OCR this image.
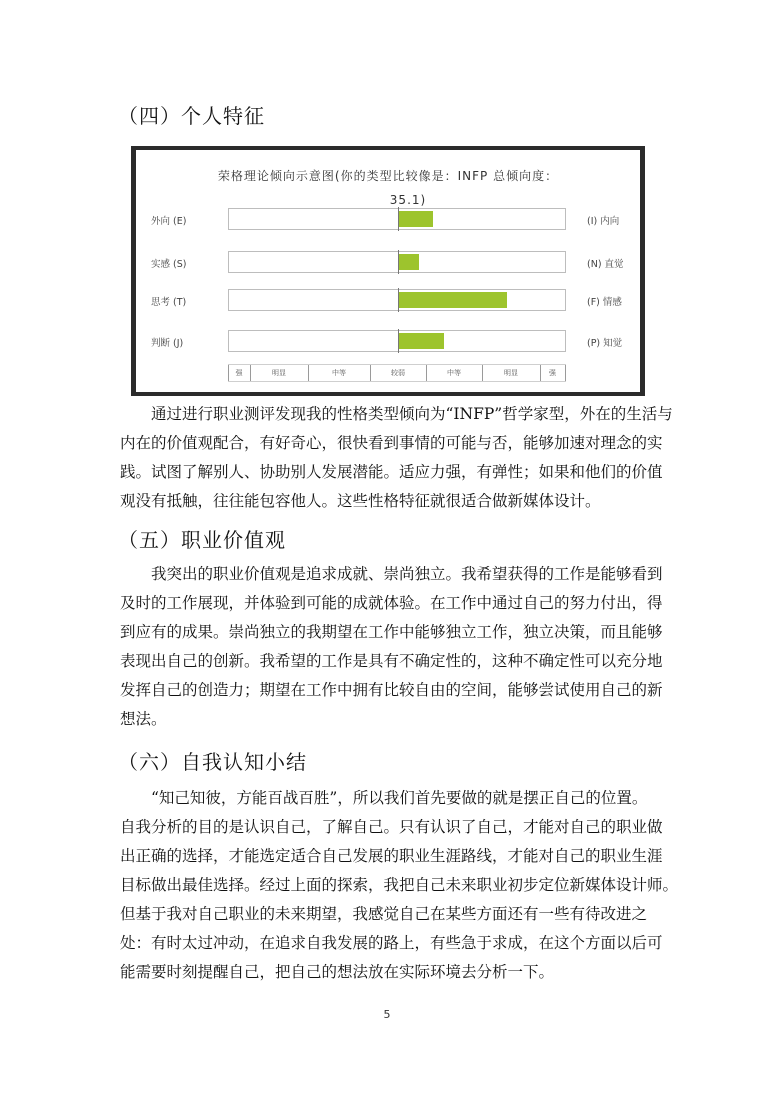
（四）个人特征
荣格理论倾向示意图(你的类型比较像是：INFP 总倾向度：
35.1)
外向 (E)	(I) 内向
实感 (S)	(N) 直觉
思考 (T)	(F) 情感
判断 (J)	(P) 知觉
强	明显	中等	较弱	中等	明显	强
通过进行职业测评发现我的性格类型倾向为“INFP”哲学家型，外在的生活与
内在的价值观配合，有好奇心，很快看到事情的可能与否，能够加速对理念的实
践。试图了解别人、协助别人发展潜能。适应力强，有弹性；如果和他们的价值
观没有抵触，往往能包容他人。这些性格特征就很适合做新媒体设计。
（五）职业价值观
我突出的职业价值观是追求成就、崇尚独立。我希望获得的工作是能够看到
及时的工作展现，并体验到可能的成就体验。在工作中通过自己的努力付出，得
到应有的成果。崇尚独立的我期望在工作中能够独立工作，独立决策，而且能够
表现出自己的创新。我希望的工作是具有不确定性的，这种不确定性可以充分地
发挥自己的创造力；期望在工作中拥有比较自由的空间，能够尝试使用自己的新
想法。
（六）自我认知小结
“知己知彼，方能百战百胜”，所以我们首先要做的就是摆正自己的位置。
自我分析的目的是认识自己，了解自己。只有认识了自己，才能对自己的职业做
出正确的选择，才能选定适合自己发展的职业生涯路线，才能对自己的职业生涯
目标做出最佳选择。经过上面的探索，我把自己未来职业初步定位新媒体设计师。
但基于我对自己职业的未来期望，我感觉自己在某些方面还有一些有待改进之
处：有时太过冲动，在追求自我发展的路上，有些急于求成，在这个方面以后可
能需要时刻提醒自己，把自己的想法放在实际环境去分析一下。
5
